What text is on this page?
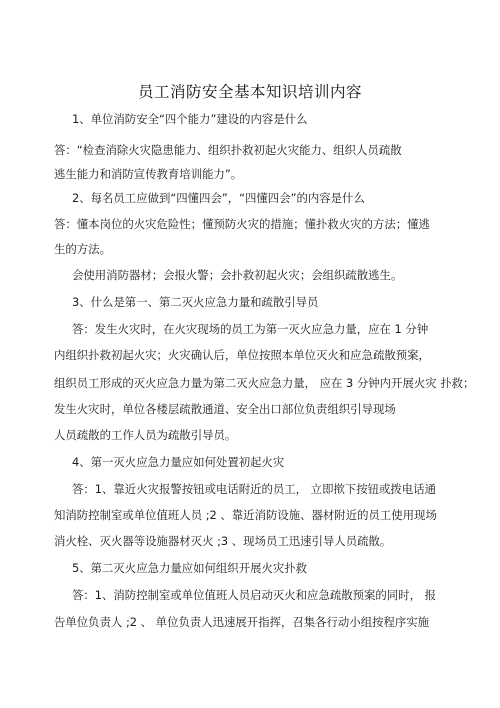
员工消防安全基本知识培训内容
1、单位消防安全“四个能力”建设的内容是什么
答：“检查消除火灾隐患能力、组织扑救初起火灾能力、组织人员疏散
逃生能力和消防宣传教育培训能力”。
2、每名员工应做到“四懂四会”，“四懂四会”的内容是什么
答：懂本岗位的火灾危险性；懂预防火灾的措施；懂扑救火灾的方法；懂逃
生的方法。
会使用消防器材；会报火警；会扑救初起火灾；会组织疏散逃生。
3、什么是第一、第二灭火应急力量和疏散引导员
答：发生火灾时，在火灾现场的员工为第一灭火应急力量，应在 1 分钟
内组织扑救初起火灾；火灾确认后，单位按照本单位灭火和应急疏散预案，
组织员工形成的灭火应急力量为第二灭火应急力量， 应在 3 分钟内开展火灾 扑救；
发生火灾时，单位各楼层疏散通道、安全出口部位负责组织引导现场
人员疏散的工作人员为疏散引导员。
4、第一灭火应急力量应如何处置初起火灾
答：1、靠近火灾报警按钮或电话附近的员工， 立即揿下按钮或拨电话通
知消防控制室或单位值班人员 ;2 、靠近消防设施、器材附近的员工使用现场
消火栓、灭火器等设施器材灭火 ;3 、现场员工迅速引导人员疏散。
5、第二灭火应急力量应如何组织开展火灾扑救
答：1、消防控制室或单位值班人员启动灭火和应急疏散预案的同时， 报
告单位负责人 ;2 、 单位负责人迅速展开指挥，召集各行动小组按程序实施
